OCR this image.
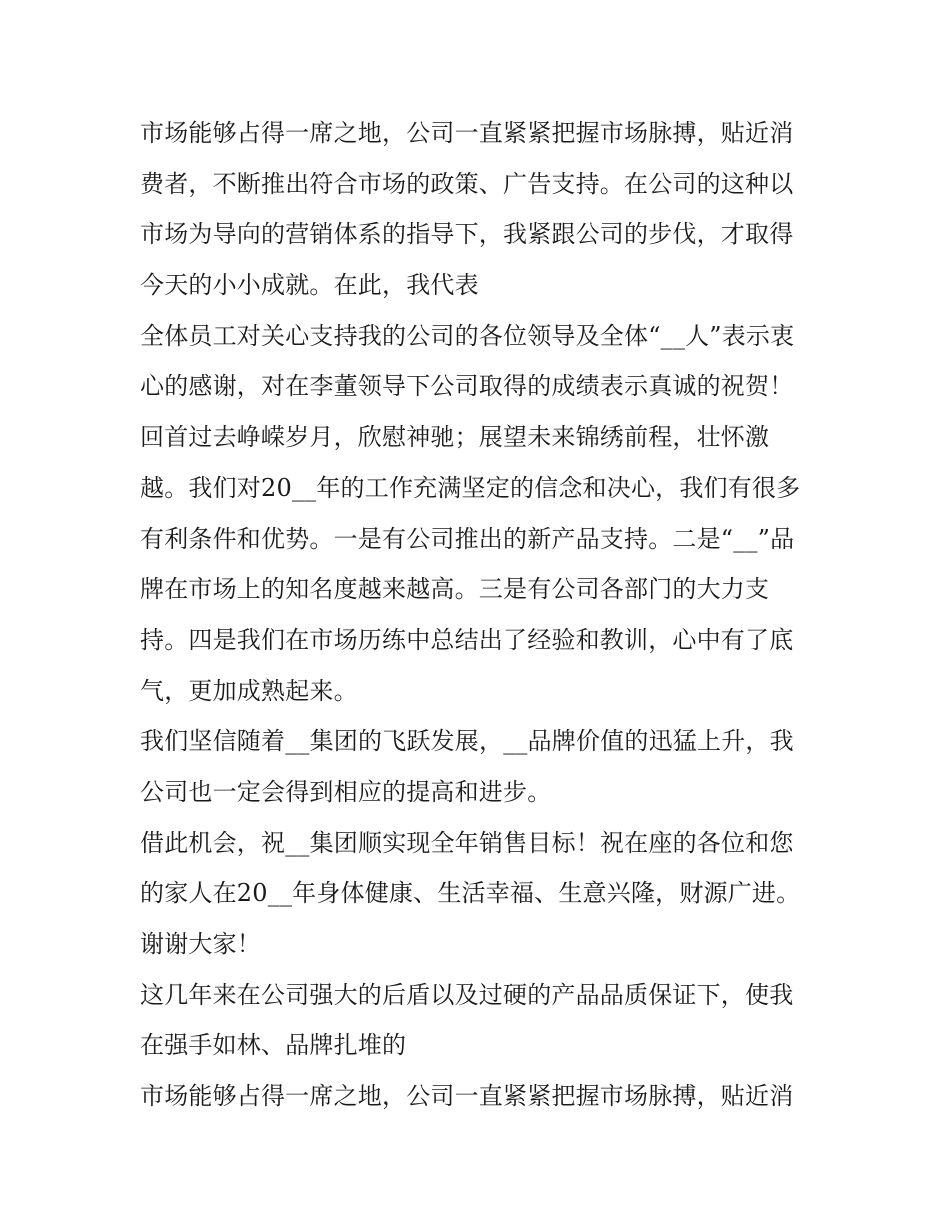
市场能够占得一席之地，公司一直紧紧把握市场脉搏，贴近消
费者，不断推出符合市场的政策、广告支持。在公司的这种以
市场为导向的营销体系的指导下，我紧跟公司的步伐，才取得
今天的小小成就。在此，我代表
全体员工对关心支持我的公司的各位领导及全体“__人”表示衷
心的感谢，对在李董领导下公司取得的成绩表示真诚的祝贺！
回首过去峥嵘岁月，欣慰神驰；展望未来锦绣前程，壮怀激
越。我们对20__年的工作充满坚定的信念和决心，我们有很多
有利条件和优势。一是有公司推出的新产品支持。二是“__”品
牌在市场上的知名度越来越高。三是有公司各部门的大力支
持。四是我们在市场历练中总结出了经验和教训，心中有了底
气，更加成熟起来。
我们坚信随着__集团的飞跃发展，__品牌价值的迅猛上升，我
公司也一定会得到相应的提高和进步。
借此机会，祝__集团顺实现全年销售目标！祝在座的各位和您
的家人在20__年身体健康、生活幸福、生意兴隆，财源广进。
谢谢大家！
这几年来在公司强大的后盾以及过硬的产品品质保证下，使我
在强手如林、品牌扎堆的
市场能够占得一席之地，公司一直紧紧把握市场脉搏，贴近消
